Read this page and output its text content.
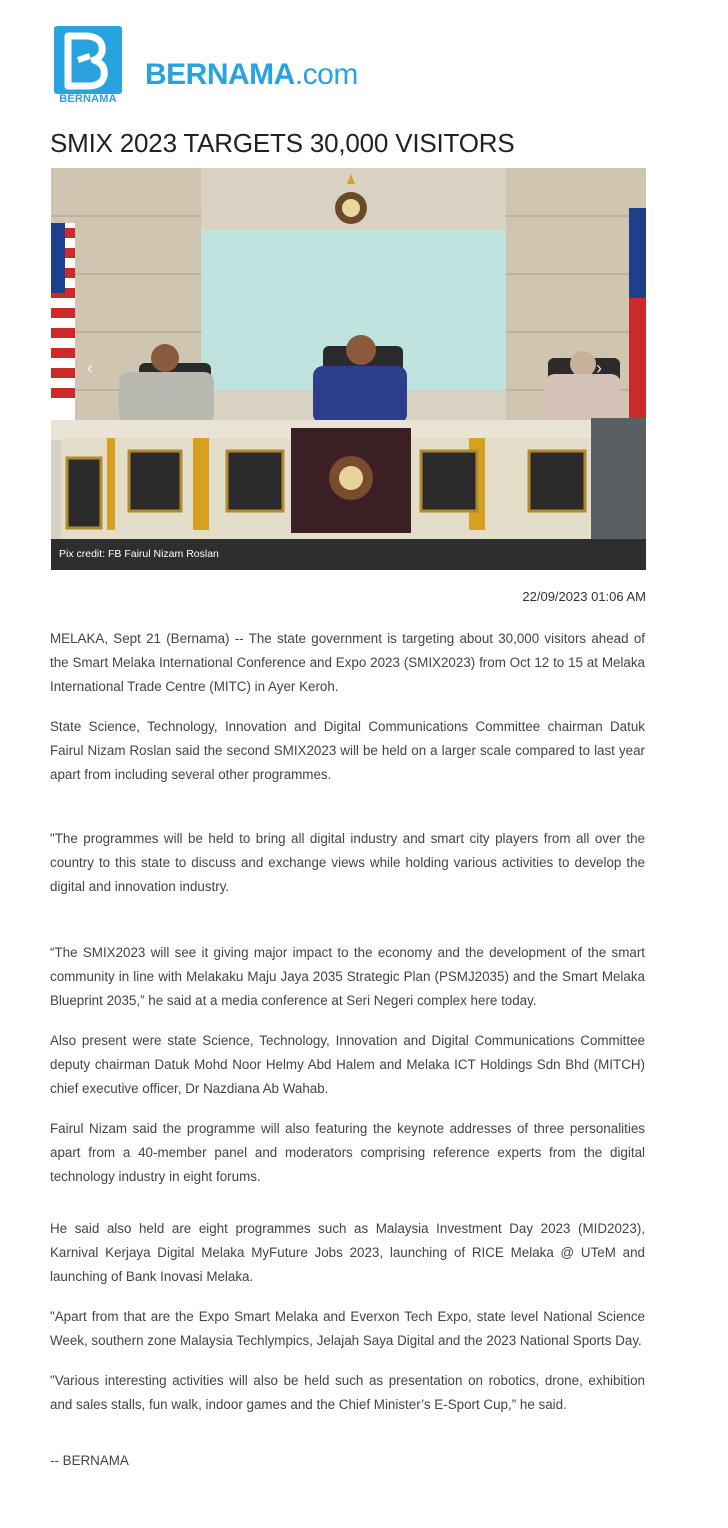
BERNAMA
BERNAMA.com
SMIX 2023 TARGETS 30,000 VISITORS
‹	›
Pix credit: FB Fairul Nizam Roslan
22/09/2023 01:06 AM

MELAKA, Sept 21 (Bernama) -- The state government is targeting about 30,000 visitors ahead of the Smart Melaka International Conference and Expo 2023 (SMIX2023) from Oct 12 to 15 at Melaka International Trade Centre (MITC) in Ayer Keroh.

State Science, Technology, Innovation and Digital Communications Committee chairman Datuk Fairul Nizam Roslan said the second SMIX2023 will be held on a larger scale compared to last year apart from including several other programmes.

"The programmes will be held to bring all digital industry and smart city players from all over the country to this state to discuss and exchange views while holding various activities to develop the digital and innovation industry.

“The SMIX2023 will see it giving major impact to the economy and the development of the smart community in line with Melakaku Maju Jaya 2035 Strategic Plan (PSMJ2035) and the Smart Melaka Blueprint 2035,” he said at a media conference at Seri Negeri complex here today.

Also present were state Science, Technology, Innovation and Digital Communications Committee deputy chairman Datuk Mohd Noor Helmy Abd Halem and Melaka ICT Holdings Sdn Bhd (MITCH) chief executive officer, Dr Nazdiana Ab Wahab.

Fairul Nizam said the programme will also featuring the keynote addresses of three personalities apart from a 40-member panel and moderators comprising reference experts from the digital technology industry in eight forums.

He said also held are eight programmes such as Malaysia Investment Day 2023 (MID2023), Karnival Kerjaya Digital Melaka MyFuture Jobs 2023, launching of RICE Melaka @ UTeM and launching of Bank Inovasi Melaka.

"Apart from that are the Expo Smart Melaka and Everxon Tech Expo, state level National Science Week, southern zone Malaysia Techlympics, Jelajah Saya Digital and the 2023 National Sports Day.

"Various interesting activities will also be held such as presentation on robotics, drone, exhibition and sales stalls, fun walk, indoor games and the Chief Minister’s E-Sport Cup,” he said.

-- BERNAMA
